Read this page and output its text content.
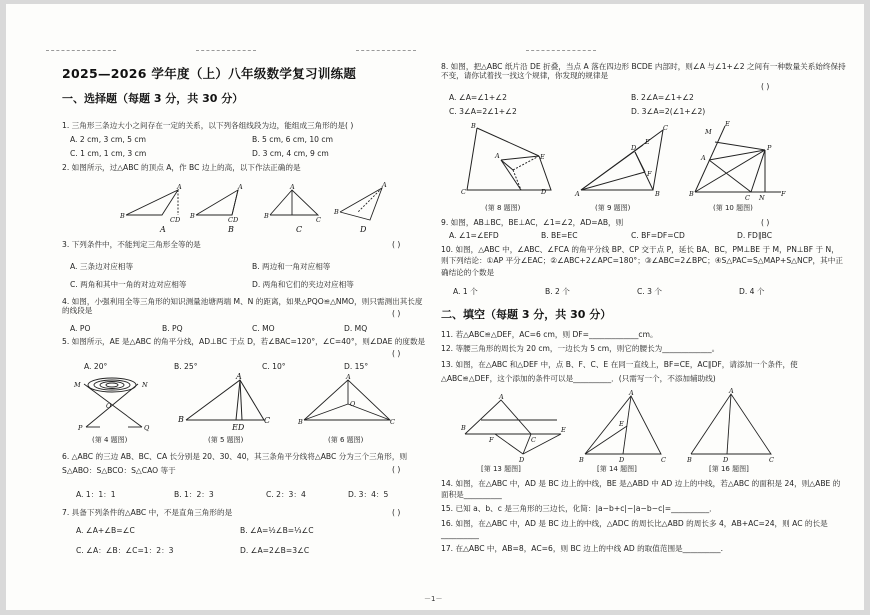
2025—2026 学年度（上）八年级数学复习训练题
一、选择题（每题 3 分，共 30 分）
1. 三角形三条边大小之间存在一定的关系，以下列各组线段为边，能组成三角形的是( )
A. 2 cm, 3 cm, 5 cm	B. 5 cm, 6 cm, 10 cm
C. 1 cm, 1 cm, 3 cm	D. 3 cm, 4 cm, 9 cm
2. 如图所示，过△ABC 的顶点 A，作 BC 边上的高，以下作法正确的是
B
A
CD B
A
CD	B
A
C
B
A
A	B	C	D
3. 下列条件中，不能判定三角形全等的是	( )
A. 三条边对应相等	B. 两边和一角对应相等
C. 两角和其中一角的对边对应相等	D. 两角和它们的夹边对应相等
4. 如图，小强利用全等三角形的知识测量池塘两端 M、N 的距离，如果△PQO≌△NMO，则只需测出其长度的线段是	( )
A. PO	B. PQ	C. MO	D. MQ
5. 如图所示，AE 是△ABC 的角平分线，AD⊥BC 于点 D，若∠BAC=120°，∠C=40°，则∠DAE 的度数是
( )
A. 20°	B. 25°	C. 10°	D. 15°
M	N
O
P	Q
(第 4 题图)
B
A
ED
C
(第 5 题图)
B
A
O
C
(第 6 题图)
6. △ABC 的三边 AB、BC、CA 长分别是 20、30、40，其三条角平分线将△ABC 分为三个三角形，则 S△ABO：S△BCO：S△CAO 等于	( )
A. 1：1：1	B. 1：2：3	C. 2：3：4	D. 3：4：5
7. 具备下列条件的△ABC 中，不是直角三角形的是	( )
A. ∠A+∠B=∠C	B. ∠A=½∠B=⅓∠C
C. ∠A：∠B：∠C=1：2：3	D. ∠A=2∠B=3∠C
8. 如图，把△ABC 纸片沿 DE 折叠，当点 A 落在四边形 BCDE 内部时，则∠A 与∠1+∠2 之间有一种数量关系始终保持不变，请你试着找一找这个规律，你发现的规律是
( )
A. ∠A=∠1+∠2	B. 2∠A=∠1+∠2
C. 3∠A=2∠1+∠2	D. 3∠A=2(∠1+∠2)
B
C
A	E
D
(第 8 题图)
A	B
C
D
E
F
(第 9 题图)
M
E
A
P
B	C N	F
(第 10 题图)
9. 如图，AB⊥BC，BE⊥AC，∠1=∠2，AD=AB，则	( )
A. ∠1=∠EFD	B. BE=EC	C. BF=DF=CD	D. FD∥BC
10. 如图，△ABC 中，∠ABC、∠FCA 的角平分线 BP、CP 交于点 P，延长 BA、BC，PM⊥BE 于 M，PN⊥BF 于 N，则下列结论：①AP 平分∠EAC；②∠ABC+2∠APC=180°；③∠ABC=2∠BPC；④S△PAC=S△MAP+S△NCP，其中正确结论的个数是
A. 1 个	B. 2 个	C. 3 个	D. 4 个
二、填空（每题 3 分，共 30 分）
11. 若△ABC≌△DEF，AC=6 cm，则 DF=_____________cm。
12. 等腰三角形的周长为 20 cm，一边长为 5 cm，则它的腰长为_____________。
13. 如图，在△ABC 和△DEF 中，点 B、F、C、E 在同一直线上，BF=CE，AC∥DF，请添加一个条件，使△ABC≌△DEF，这个添加的条件可以是__________．(只需写一个，不添加辅助线)
B
A
F	C
E
D
[第 13 题图]
A
E
B	D	C
[第 14 题图]
A
B	D	C
[第 16 题图]
14. 如图，在△ABC 中，AD 是 BC 边上的中线，BE 是△ABD 中 AD 边上的中线，若△ABC 的面积是 24，则△ABE 的面积是__________
15. 已知 a、b、c 是三角形的三边长，化简：|a−b+c|−|a−b−c|=__________．
16. 如图，在△ABC 中，AD 是 BC 边上的中线，△ADC 的周长比△ABD 的周长多 4，AB+AC=24，则 AC 的长是__________
17. 在△ABC 中，AB=8，AC=6，则 BC 边上的中线 AD 的取值范围是__________.
－1－
